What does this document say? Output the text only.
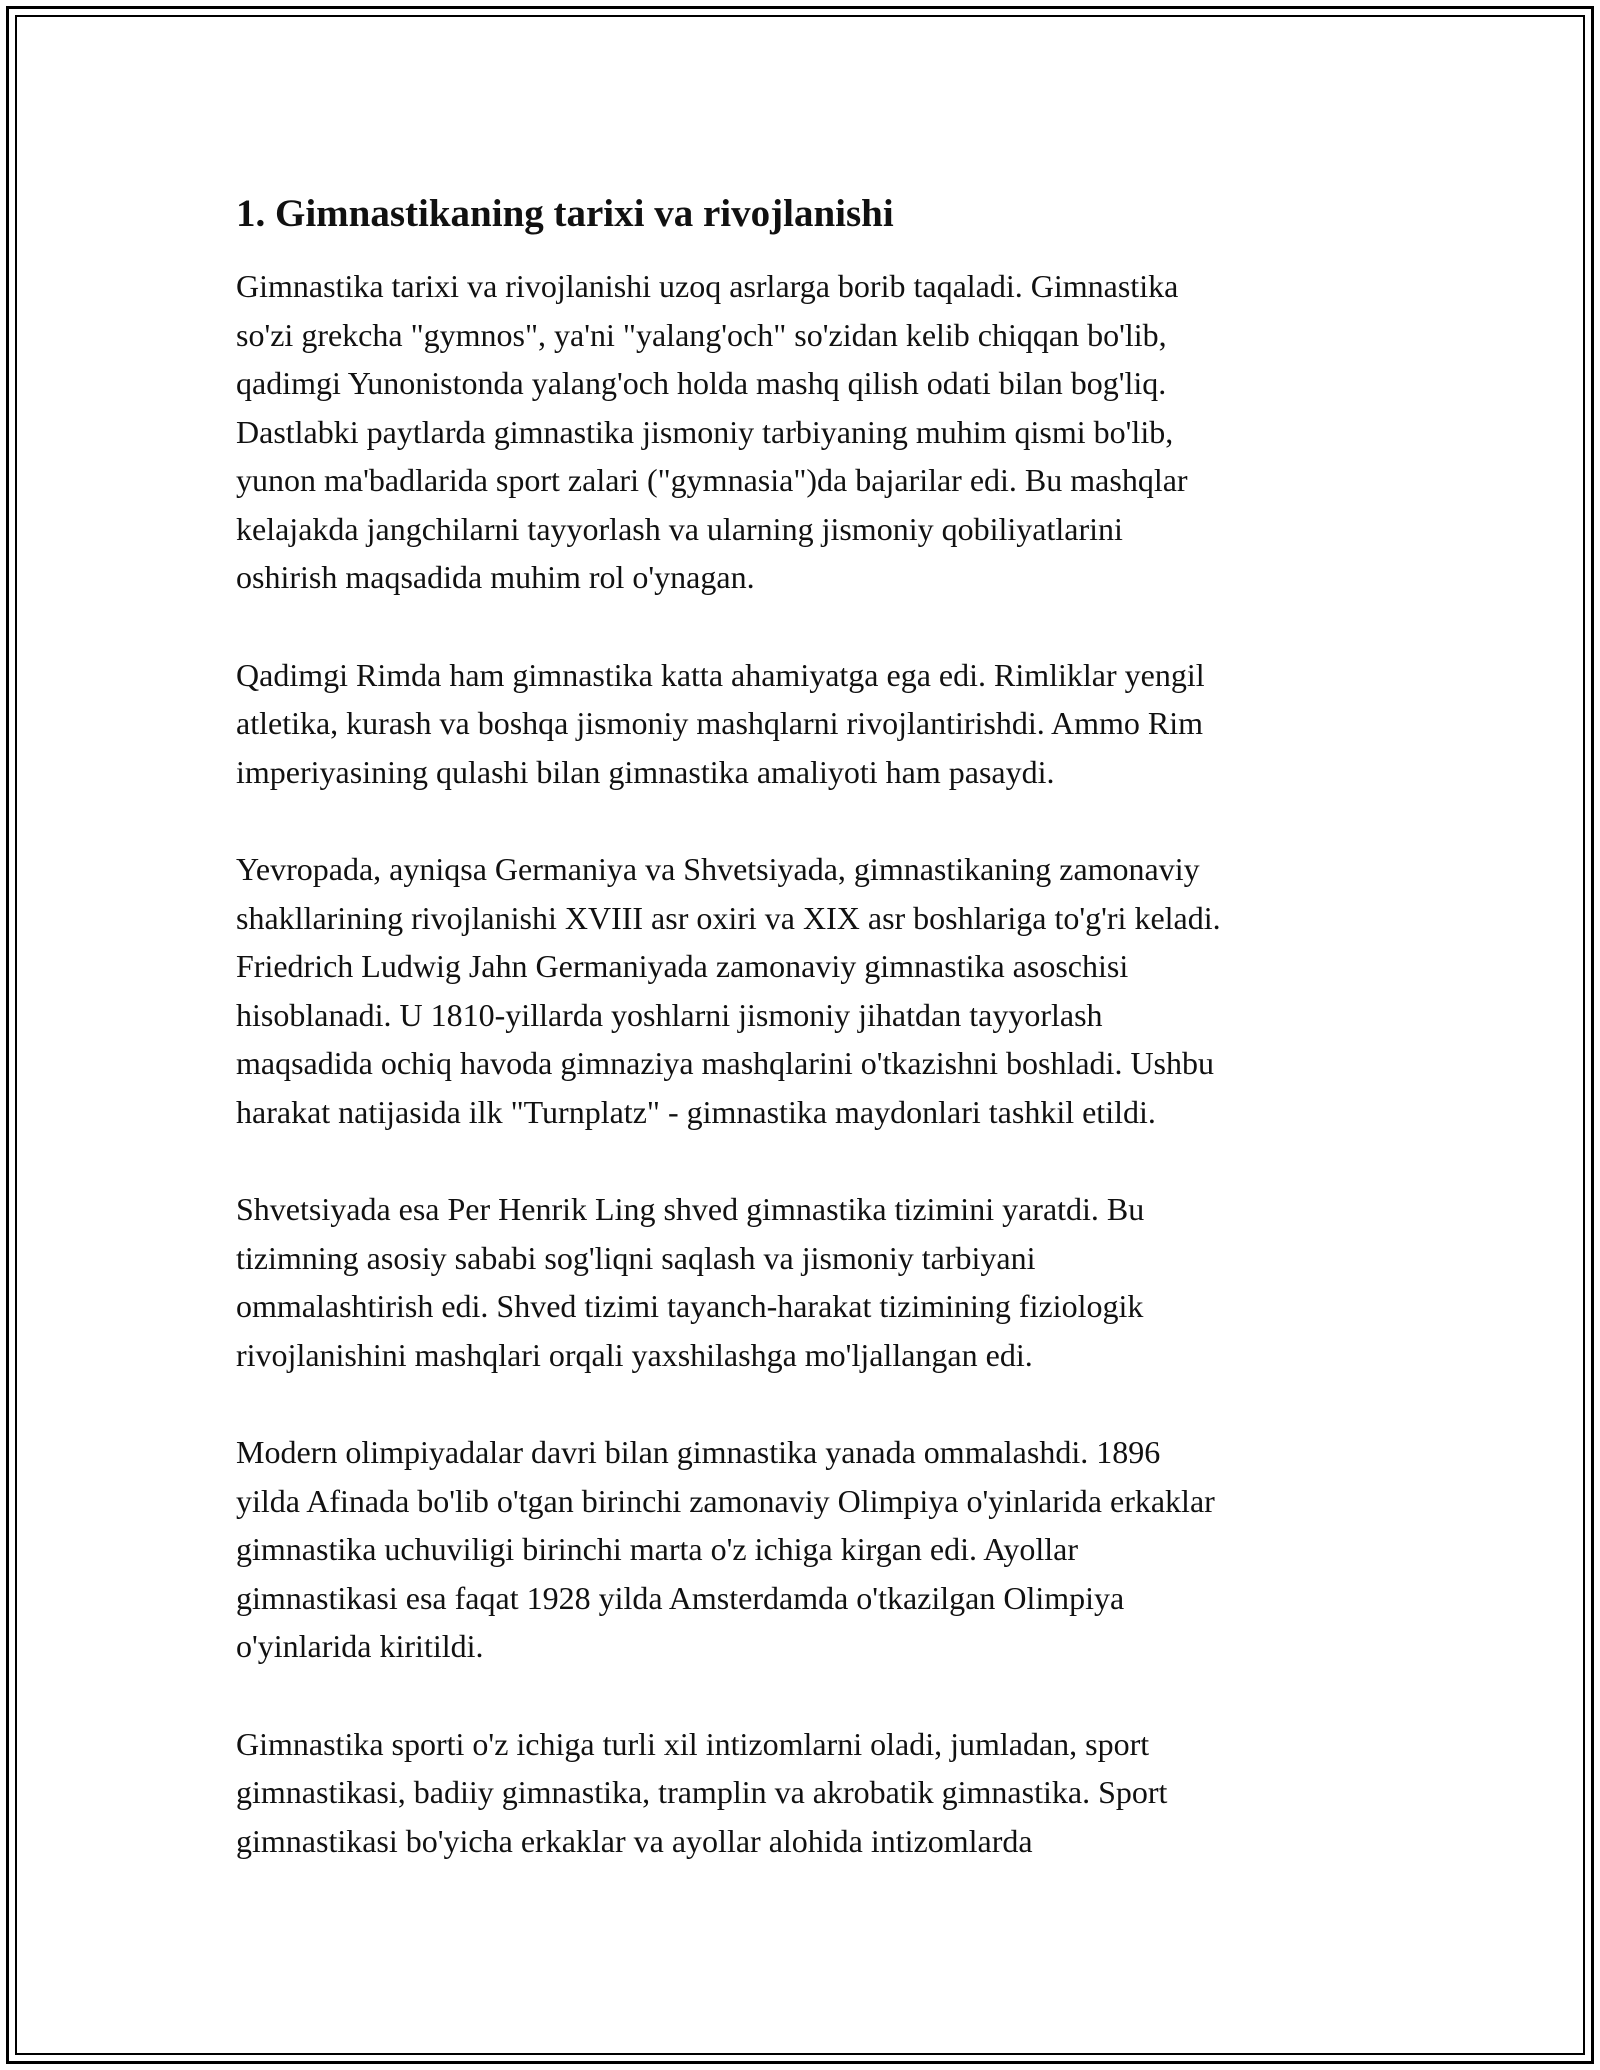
1. Gimnastikaning tarixi va rivojlanishi

Gimnastika tarixi va rivojlanishi uzoq asrlarga borib taqaladi. Gimnastika
so'zi grekcha "gymnos", ya'ni "yalang'och" so'zidan kelib chiqqan bo'lib,
qadimgi Yunonistonda yalang'och holda mashq qilish odati bilan bog'liq.
Dastlabki paytlarda gimnastika jismoniy tarbiyaning muhim qismi bo'lib,
yunon ma'badlarida sport zalari ("gymnasia")da bajarilar edi. Bu mashqlar
kelajakda jangchilarni tayyorlash va ularning jismoniy qobiliyatlarini
oshirish maqsadida muhim rol o'ynagan.

Qadimgi Rimda ham gimnastika katta ahamiyatga ega edi. Rimliklar yengil
atletika, kurash va boshqa jismoniy mashqlarni rivojlantirishdi. Ammo Rim
imperiyasining qulashi bilan gimnastika amaliyoti ham pasaydi.

Yevropada, ayniqsa Germaniya va Shvetsiyada, gimnastikaning zamonaviy
shakllarining rivojlanishi XVIII asr oxiri va XIX asr boshlariga to'g'ri keladi.
Friedrich Ludwig Jahn Germaniyada zamonaviy gimnastika asoschisi
hisoblanadi. U 1810-yillarda yoshlarni jismoniy jihatdan tayyorlash
maqsadida ochiq havoda gimnaziya mashqlarini o'tkazishni boshladi. Ushbu
harakat natijasida ilk "Turnplatz" - gimnastika maydonlari tashkil etildi.

Shvetsiyada esa Per Henrik Ling shved gimnastika tizimini yaratdi. Bu
tizimning asosiy sababi sog'liqni saqlash va jismoniy tarbiyani
ommalashtirish edi. Shved tizimi tayanch-harakat tizimining fiziologik
rivojlanishini mashqlari orqali yaxshilashga mo'ljallangan edi.

Modern olimpiyadalar davri bilan gimnastika yanada ommalashdi. 1896
yilda Afinada bo'lib o'tgan birinchi zamonaviy Olimpiya o'yinlarida erkaklar
gimnastika uchuviligi birinchi marta o'z ichiga kirgan edi. Ayollar
gimnastikasi esa faqat 1928 yilda Amsterdamda o'tkazilgan Olimpiya
o'yinlarida kiritildi.

Gimnastika sporti o'z ichiga turli xil intizomlarni oladi, jumladan, sport
gimnastikasi, badiiy gimnastika, tramplin va akrobatik gimnastika. Sport
gimnastikasi bo'yicha erkaklar va ayollar alohida intizomlarda
